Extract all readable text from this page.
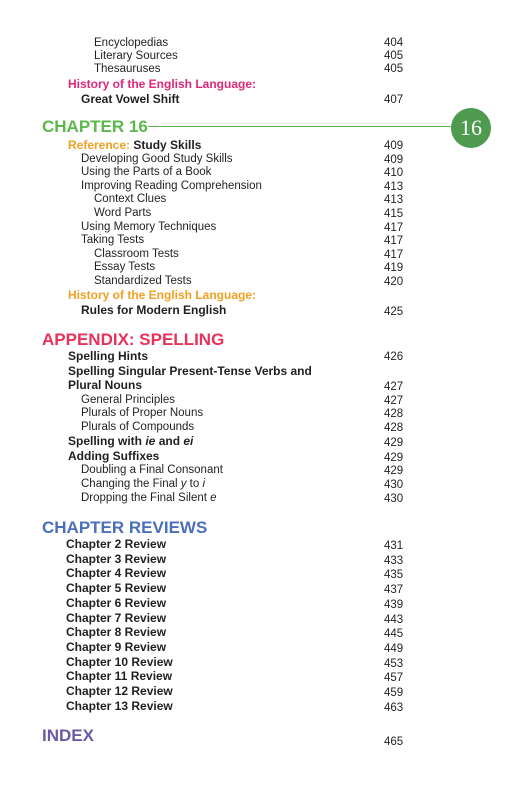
Encyclopedias	404
Literary Sources	405
Thesauruses	405
History of the English Language:
Great Vowel Shift	407
CHAPTER 16	16
Reference: Study Skills	409
Developing Good Study Skills	409
Using the Parts of a Book	410
Improving Reading Comprehension	413
Context Clues	413
Word Parts	415
Using Memory Techniques	417
Taking Tests	417
Classroom Tests	417
Essay Tests	419
Standardized Tests	420
History of the English Language:
Rules for Modern English	425
APPENDIX: SPELLING
Spelling Hints	426
Spelling Singular Present-Tense Verbs and
Plural Nouns	427
General Principles	427
Plurals of Proper Nouns	428
Plurals of Compounds	428
Spelling with ie and ei	429
Adding Suffixes	429
Doubling a Final Consonant	429
Changing the Final y to i	430
Dropping the Final Silent e	430
CHAPTER REVIEWS
Chapter 2 Review	431
Chapter 3 Review	433
Chapter 4 Review	435
Chapter 5 Review	437
Chapter 6 Review	439
Chapter 7 Review	443
Chapter 8 Review	445
Chapter 9 Review	449
Chapter 10 Review	453
Chapter 11 Review	457
Chapter 12 Review	459
Chapter 13 Review	463
INDEX	465
